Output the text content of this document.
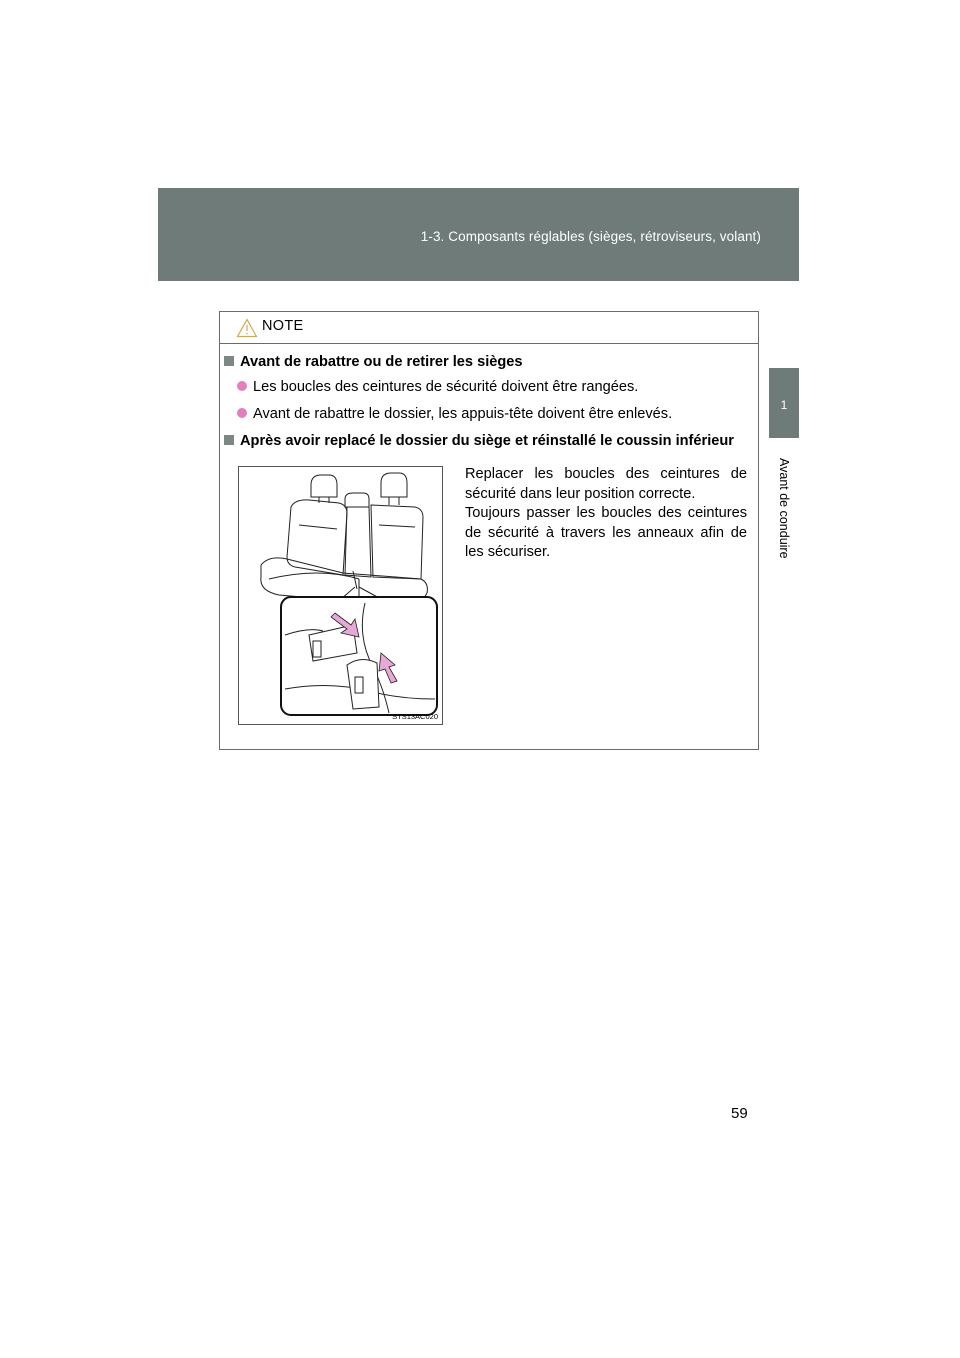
1-3. Composants réglables (sièges, rétroviseurs, volant)
1
Avant de conduire
NOTE
Avant de rabattre ou de retirer les sièges
Les boucles des ceintures de sécurité doivent être rangées.
Avant de rabattre le dossier, les appuis-tête doivent être enlevés.
Après avoir replacé le dossier du siège et réinstallé le coussin inférieur
STS13AC020

Replacer les boucles des ceintures de sécurité dans leur position correcte.

Toujours passer les boucles des ceintures de sécurité à travers les anneaux afin de les sécuriser.

59
